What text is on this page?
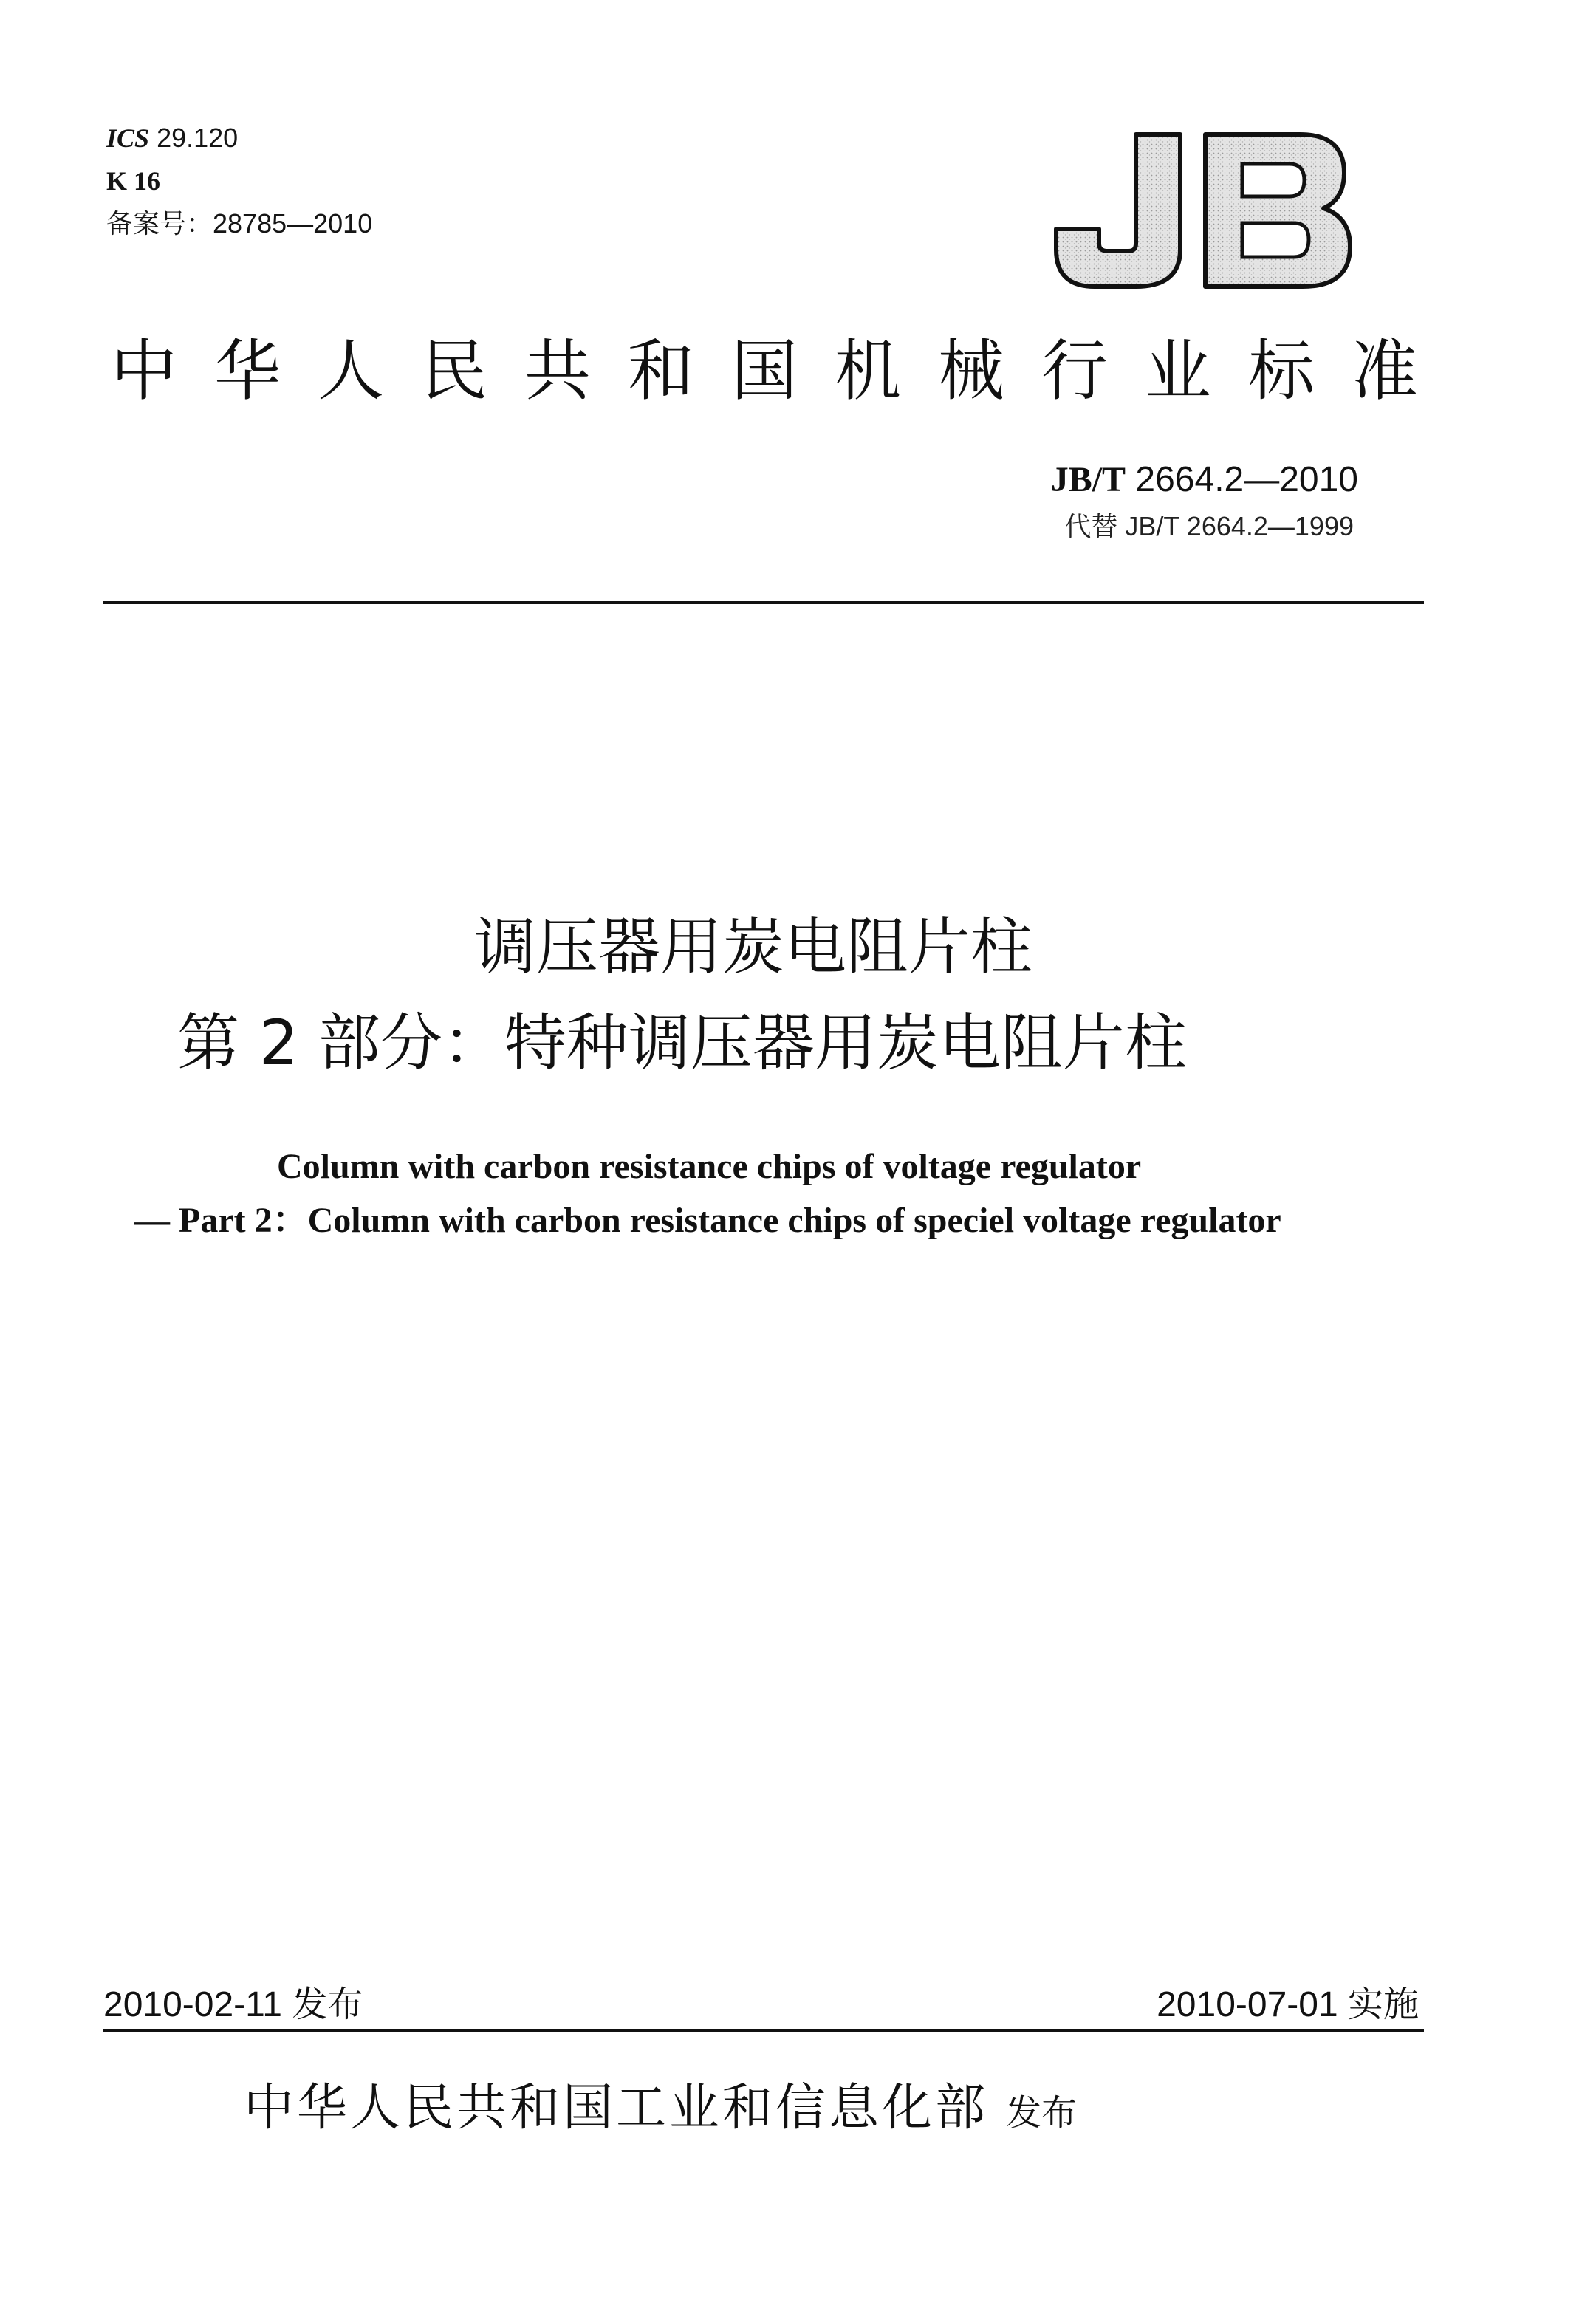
ICS 29.120
K 16
备案号：28785—2010
JB
中华人民共和国机械行业标准
JB/T 2664.2—2010
代替 JB/T 2664.2—1999
调压器用炭电阻片柱
第 2 部分：特种调压器用炭电阻片柱
Column with carbon resistance chips of voltage regulator
— Part 2：Column with carbon resistance chips of speciel voltage regulator
2010-02-11 发布	2010-07-01 实施
中华人民共和国工业和信息化部 发布
